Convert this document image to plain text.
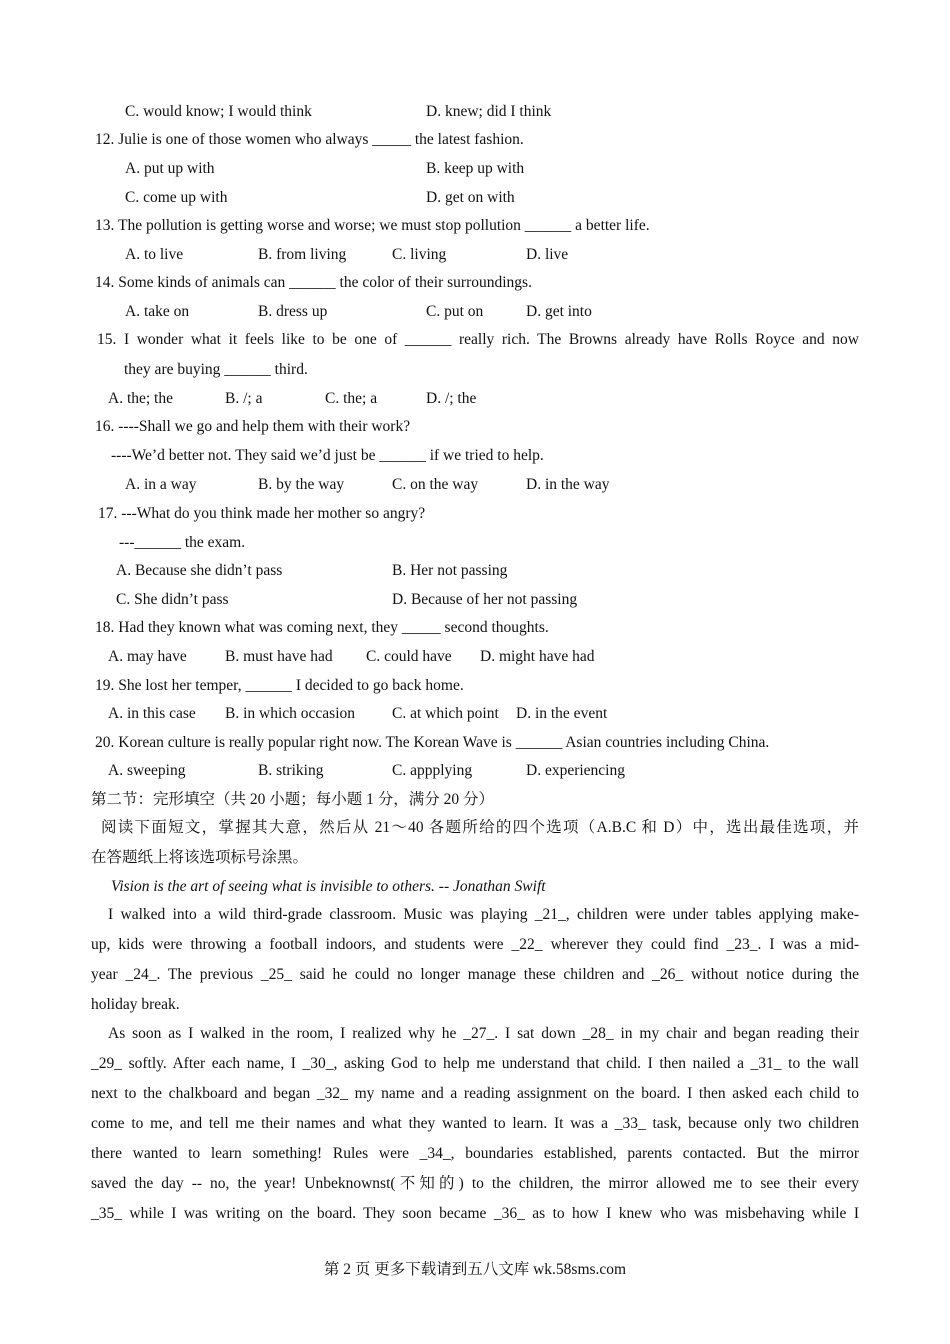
C. would know; I would think	D. knew; did I think
12. Julie is one of those women who always _____ the latest fashion.
A. put up with	B. keep up with
C. come up with	D. get on with
13. The pollution is getting worse and worse; we must stop pollution ______ a better life.
A. to live	B. from living	C. living	D. live
14. Some kinds of animals can ______ the color of their surroundings.
A. take on	B. dress up	C. put on	D. get into
15. I wonder what it feels like to be one of ______ really rich. The Browns already have Rolls Royce and now
they are buying ______ third.
A. the; the	B. /; a	C. the; a	D. /; the
16. ----Shall we go and help them with their work?
----We’d better not. They said we’d just be ______ if we tried to help.
A. in a way	B. by the way	C. on the way	D. in the way
17. ---What do you think made her mother so angry?
---______ the exam.
A. Because she didn’t pass	B. Her not passing
C. She didn’t pass	D. Because of her not passing
18. Had they known what was coming next, they _____ second thoughts.
A. may have B. must have had C. could have D. might have had
19. She lost her temper, ______ I decided to go back home.
A. in this case B. in which occasion C. at which point D. in the event
20. Korean culture is really popular right now. The Korean Wave is ______ Asian countries including China.
A. sweeping	B. striking	C. appplying	D. experiencing
第二节：完形填空（共 20 小题；每小题 1 分，满分 20 分）
阅读下面短文，掌握其大意，然后从 21～40 各题所给的四个选项（A.B.C 和 D）中，选出最佳选项，并
在答题纸上将该选项标号涂黑。
Vision is the art of seeing what is invisible to others. -- Jonathan Swift
I walked into a wild third-grade classroom. Music was playing _21_, children were under tables applying make-
up, kids were throwing a football indoors, and students were _22_ wherever they could find _23_. I was a mid-
year _24_. The previous _25_ said he could no longer manage these children and _26_ without notice during the
holiday break.
As soon as I walked in the room, I realized why he _27_. I sat down _28_ in my chair and began reading their
_29_ softly. After each name, I _30_, asking God to help me understand that child. I then nailed a _31_ to the wall
next to the chalkboard and began _32_ my name and a reading assignment on the board. I then asked each child to
come to me, and tell me their names and what they wanted to learn. It was a _33_ task, because only two children
there wanted to learn something! Rules were _34_, boundaries established, parents contacted. But the mirror
saved the day -- no, the year! Unbeknownst(不知的) to the children, the mirror allowed me to see their every
_35_ while I was writing on the board. They soon became _36_ as to how I knew who was misbehaving while I
第 2 页 更多下载请到五八文库 wk.58sms.com
